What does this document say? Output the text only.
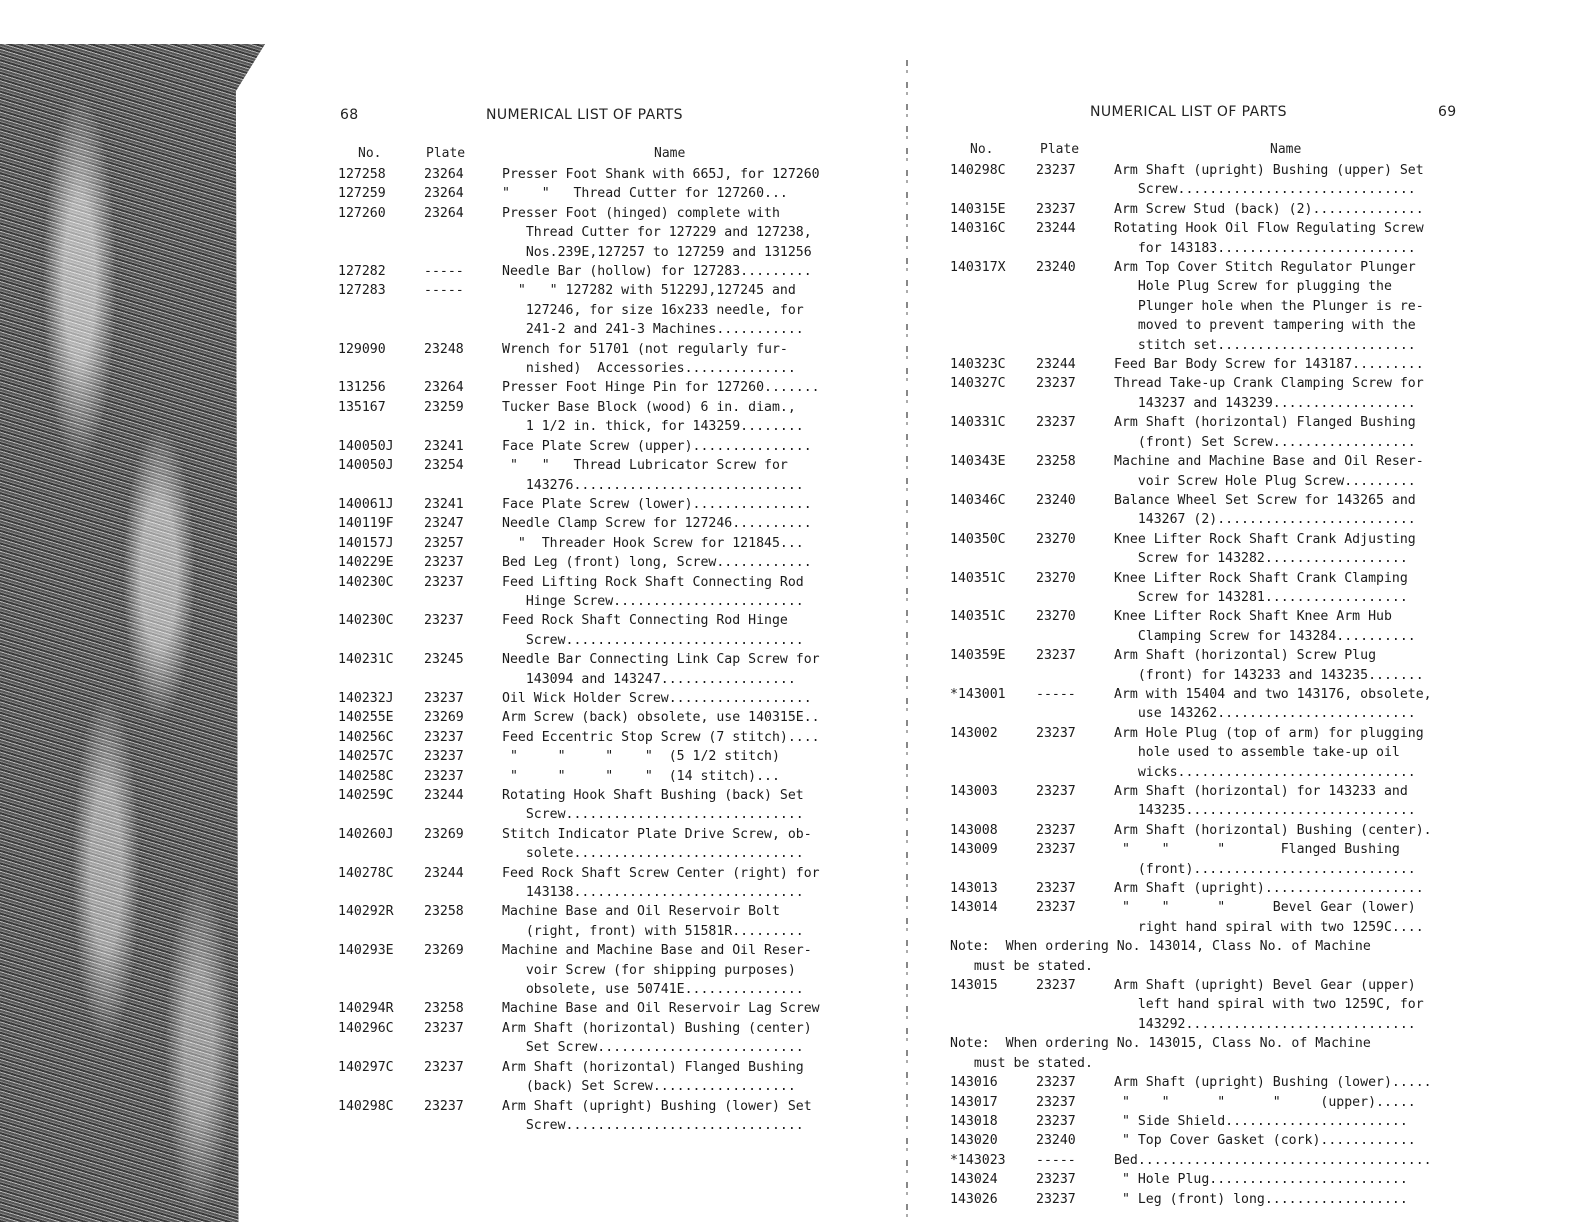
68	NUMERICAL LIST OF PARTS
No.	Plate	Name
127258	23264	Presser Foot Shank with 665J, for 127260
127259	23264	"    "   Thread Cutter for 127260...
127260	23264	Presser Foot (hinged) complete with
Thread Cutter for 127229 and 127238,
Nos.239E,127257 to 127259 and 131256
127282	-----	Needle Bar (hollow) for 127283.........
127283	-----	"   " 127282 with 51229J,127245 and
127246, for size 16x233 needle, for
241-2 and 241-3 Machines...........
129090	23248	Wrench for 51701 (not regularly fur-
nished)  Accessories..............
131256	23264	Presser Foot Hinge Pin for 127260.......
135167	23259	Tucker Base Block (wood) 6 in. diam.,
1 1/2 in. thick, for 143259........
140050J	23241	Face Plate Screw (upper)...............
140050J	23254	"   "   Thread Lubricator Screw for
143276.............................
140061J	23241	Face Plate Screw (lower)...............
140119F	23247	Needle Clamp Screw for 127246..........
140157J	23257	"  Threader Hook Screw for 121845...
140229E	23237	Bed Leg (front) long, Screw............
140230C	23237	Feed Lifting Rock Shaft Connecting Rod
Hinge Screw........................
140230C	23237	Feed Rock Shaft Connecting Rod Hinge
Screw..............................
140231C	23245	Needle Bar Connecting Link Cap Screw for
143094 and 143247.................
140232J	23237	Oil Wick Holder Screw..................
140255E	23269	Arm Screw (back) obsolete, use 140315E..
140256C	23237	Feed Eccentric Stop Screw (7 stitch)....
140257C	23237	"     "     "    "  (5 1/2 stitch)
140258C	23237	"     "     "    "  (14 stitch)...
140259C	23244	Rotating Hook Shaft Bushing (back) Set
Screw..............................
140260J	23269	Stitch Indicator Plate Drive Screw, ob-
solete.............................
140278C	23244	Feed Rock Shaft Screw Center (right) for
143138.............................
140292R	23258	Machine Base and Oil Reservoir Bolt
(right, front) with 51581R.........
140293E	23269	Machine and Machine Base and Oil Reser-
voir Screw (for shipping purposes)
obsolete, use 50741E...............
140294R	23258	Machine Base and Oil Reservoir Lag Screw
140296C	23237	Arm Shaft (horizontal) Bushing (center)
Set Screw..........................
140297C	23237	Arm Shaft (horizontal) Flanged Bushing
(back) Set Screw..................
140298C	23237	Arm Shaft (upright) Bushing (lower) Set
Screw..............................
NUMERICAL LIST OF PARTS	69
No.	Plate	Name
140298C	23237	Arm Shaft (upright) Bushing (upper) Set
Screw..............................
140315E	23237	Arm Screw Stud (back) (2)..............
140316C	23244	Rotating Hook Oil Flow Regulating Screw
for 143183.........................
140317X	23240	Arm Top Cover Stitch Regulator Plunger
Hole Plug Screw for plugging the
Plunger hole when the Plunger is re-
moved to prevent tampering with the
stitch set.........................
140323C	23244	Feed Bar Body Screw for 143187.........
140327C	23237	Thread Take-up Crank Clamping Screw for
143237 and 143239..................
140331C	23237	Arm Shaft (horizontal) Flanged Bushing
(front) Set Screw..................
140343E	23258	Machine and Machine Base and Oil Reser-
voir Screw Hole Plug Screw.........
140346C	23240	Balance Wheel Set Screw for 143265 and
143267 (2).........................
140350C	23270	Knee Lifter Rock Shaft Crank Adjusting
Screw for 143282..................
140351C	23270	Knee Lifter Rock Shaft Crank Clamping
Screw for 143281..................
140351C	23270	Knee Lifter Rock Shaft Knee Arm Hub
Clamping Screw for 143284..........
140359E	23237	Arm Shaft (horizontal) Screw Plug
(front) for 143233 and 143235.......
*143001	-----	Arm with 15404 and two 143176, obsolete,
use 143262.........................
143002	23237	Arm Hole Plug (top of arm) for plugging
hole used to assemble take-up oil
wicks..............................
143003	23237	Arm Shaft (horizontal) for 143233 and
143235.............................
143008	23237	Arm Shaft (horizontal) Bushing (center).
143009	23237	"    "      "       Flanged Bushing
(front)............................
143013	23237	Arm Shaft (upright)....................
143014	23237	"    "      "      Bevel Gear (lower)
right hand spiral with two 1259C....
Note:  When ordering No. 143014, Class No. of Machine
must be stated.
143015	23237	Arm Shaft (upright) Bevel Gear (upper)
left hand spiral with two 1259C, for
143292.............................
Note:  When ordering No. 143015, Class No. of Machine
must be stated.
143016	23237	Arm Shaft (upright) Bushing (lower).....
143017	23237	"    "      "      "     (upper).....
143018	23237	" Side Shield.......................
143020	23240	" Top Cover Gasket (cork)............
*143023	-----	Bed.....................................
143024	23237	" Hole Plug.........................
143026	23237	" Leg (front) long..................
